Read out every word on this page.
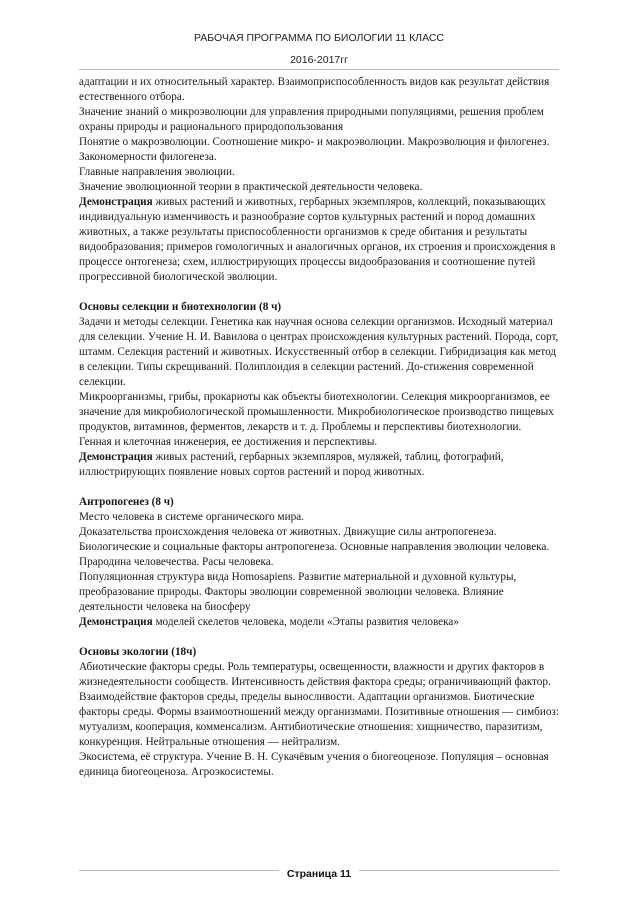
РАБОЧАЯ ПРОГРАММА ПО БИОЛОГИИ 11 КЛАСС
2016-2017гг

адаптации и их относительный характер. Взаимоприспособленность видов как результат действия естественного отбора.

Значение знаний о микроэволюции для управления природными популяциями, решения проблем охраны природы и рационального природопользования

Понятие о макроэволюции. Соотношение микро- и макроэволюции. Макроэволюция и филогенез. Закономерности филогенеза.

Главные направления эволюции.

Значение эволюционной теории в практической деятельности человека.

Демонстрация живых растений и животных, гербарных экземпляров, коллекций, показывающих индивидуальную изменчивость и разнообразие сортов культурных растений и пород домашних животных, а также результаты приспособленности организмов к среде обитания и результаты видообразования; примеров гомологичных и аналогичных органов, их строения и происхождения в процессе онтогенеза; схем, иллюстрирующих процессы видообразования и соотношение путей прогрессивной биологической эволюции.

Основы селекции и биотехнологии (8 ч)

Задачи и методы селекции. Генетика как научная основа селекции организмов. Исходный материал для селекции. Учение Н. И. Вавилова о центрах происхождения культурных растений. Порода, сорт, штамм. Селекция растений и животных. Искусственный отбор в селекции. Гибридизация как метод в селекции. Типы скрещиваний. Полиплоидия в селекции растений. До-стижения современной селекции.

Микроорганизмы, грибы, прокариоты как объекты биотехнологии. Селекция микроорганизмов, ее значение для микробиологической промышленности. Микробиологическое производство пищевых продуктов, витаминов, ферментов, лекарств и т. д. Проблемы и перспективы биотехнологии.

Генная и клеточная инженерия, ее достижения и перспективы.

Демонстрация живых растений, гербарных экземпляров, муляжей, таблиц, фотографий, иллюстрирующих появление новых сортов растений и пород животных.

Антропогенез (8 ч)

Место человека в системе органического мира.

Доказательства происхождения человека от животных. Движущие силы антропогенеза. Биологические и социальные факторы антропогенеза. Основные направления эволюции человека. Прародина человечества. Расы человека.

Популяционная структура вида Homosapiens. Развитие материальной и духовной культуры, преобразование природы. Факторы эволюции современной эволюции человека. Влияние деятельности человека на биосферу

Демонстрация моделей скелетов человека, модели «Этапы развития человека»

Основы экологии (18ч)

Абиотические факторы среды. Роль температуры, освещенности, влажности и других факторов в жизнедеятельности сообществ. Интенсивность действия фактора среды; ограничивающий фактор. Взаимодействие факторов среды, пределы выносливости. Адаптации организмов. Биотические факторы среды. Формы взаимоотношений между организмами. Позитивные отношения — симбиоз: мутуализм, кооперация, комменсализм. Антибиотические отношения: хищничество, паразитизм, конкуренция. Нейтральные отношения — нейтрализм.

Экосистема, её структура. Учение В. Н. Сукачёвым учения о биогеоценозе. Популяция – основная единица биогеоценоза. Агроэкосистемы.

Страница 11
